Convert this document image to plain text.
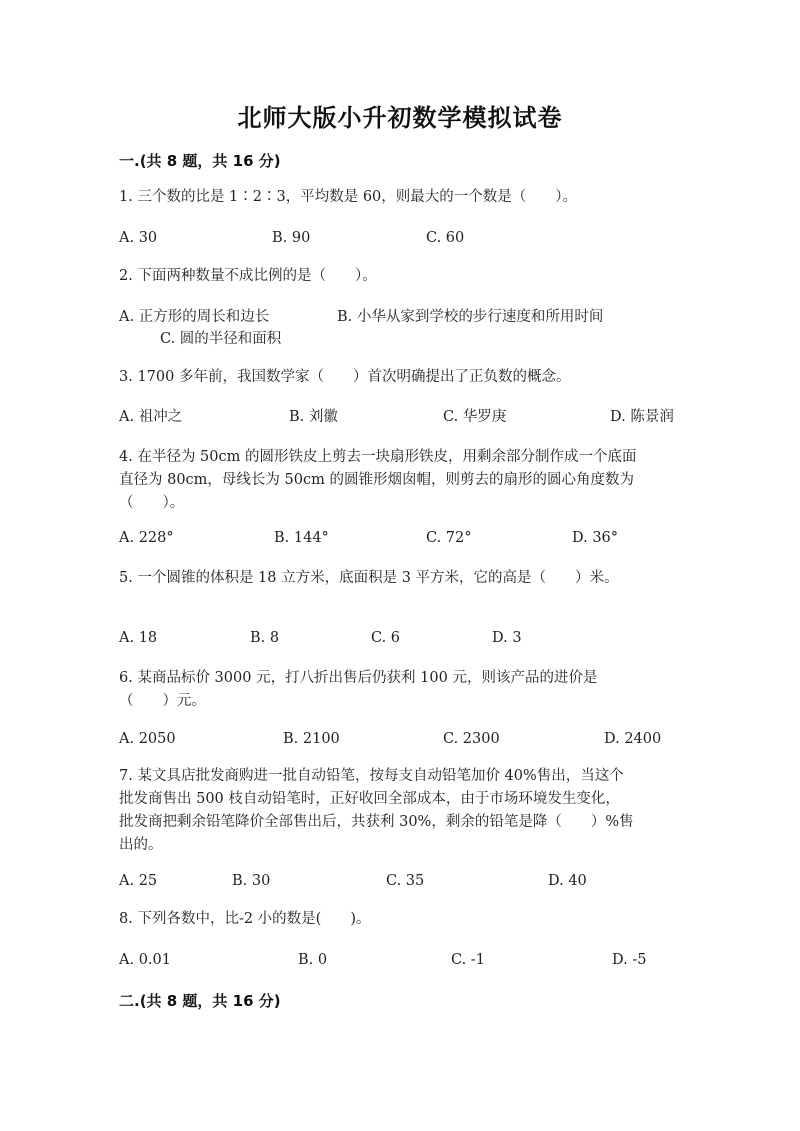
北师大版小升初数学模拟试卷
一.(共 8 题，共 16 分)
1. 三个数的比是 1∶2∶3，平均数是 60，则最大的一个数是（　　）。
A. 30	B. 90	C. 60
2. 下面两种数量不成比例的是（　　）。
A. 正方形的周长和边长	B. 小华从家到学校的步行速度和所用时间
C. 圆的半径和面积
3. 1700 多年前，我国数学家（　　）首次明确提出了正负数的概念。
A. 祖冲之	B. 刘徽	C. 华罗庚	D. 陈景润
4. 在半径为 50cm 的圆形铁皮上剪去一块扇形铁皮，用剩余部分制作成一个底面
直径为 80cm，母线长为 50cm 的圆锥形烟囱帽，则剪去的扇形的圆心角度数为
（　　）。
A. 228°	B. 144°	C. 72°	D. 36°
5. 一个圆锥的体积是 18 立方米，底面积是 3 平方米，它的高是（　　）米。
A. 18	B. 8	C. 6	D. 3
6. 某商品标价 3000 元，打八折出售后仍获利 100 元，则该产品的进价是
（　　）元。
A. 2050	B. 2100	C. 2300	D. 2400
7. 某文具店批发商购进一批自动铅笔，按每支自动铅笔加价 40%售出，当这个
批发商售出 500 枝自动铅笔时，正好收回全部成本，由于市场环境发生变化，
批发商把剩余铅笔降价全部售出后，共获利 30%，剩余的铅笔是降（　　）%售
出的。
A. 25	B. 30	C. 35	D. 40
8. 下列各数中，比-2 小的数是(　　)。
A. 0.01	B. 0	C. -1	D. -5
二.(共 8 题，共 16 分)
